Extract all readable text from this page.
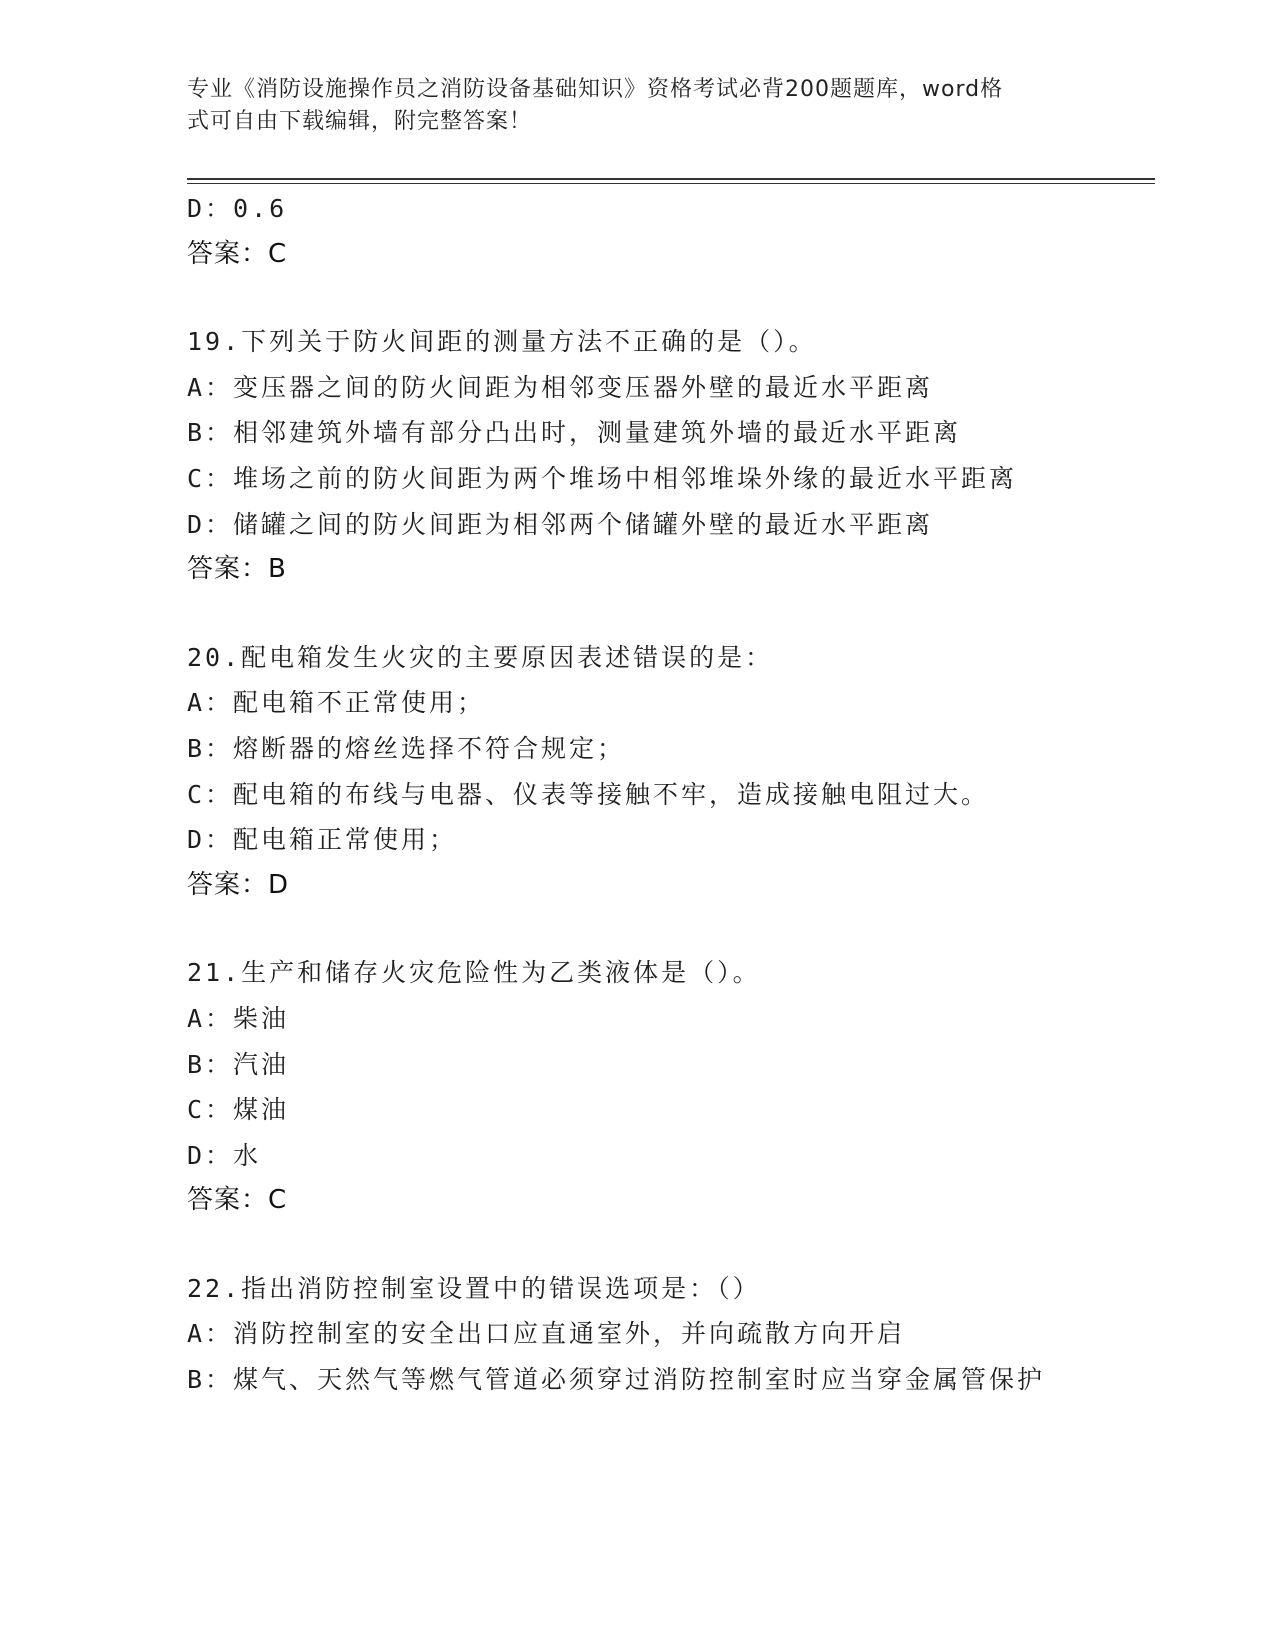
专业《消防设施操作员之消防设备基础知识》资格考试必背200题题库，word格
式可自由下载编辑，附完整答案！
D：0.6
答案：C
19.下列关于防火间距的测量方法不正确的是（）。
A：变压器之间的防火间距为相邻变压器外壁的最近水平距离
B：相邻建筑外墙有部分凸出时，测量建筑外墙的最近水平距离
C：堆场之前的防火间距为两个堆场中相邻堆垛外缘的最近水平距离
D：储罐之间的防火间距为相邻两个储罐外壁的最近水平距离
答案：B
20.配电箱发生火灾的主要原因表述错误的是：
A：配电箱不正常使用；
B：熔断器的熔丝选择不符合规定；
C：配电箱的布线与电器、仪表等接触不牢，造成接触电阻过大。
D：配电箱正常使用；
答案：D
21.生产和储存火灾危险性为乙类液体是（）。
A：柴油
B：汽油
C：煤油
D：水
答案：C
22.指出消防控制室设置中的错误选项是：（）
A：消防控制室的安全出口应直通室外，并向疏散方向开启
B：煤气、天然气等燃气管道必须穿过消防控制室时应当穿金属管保护
